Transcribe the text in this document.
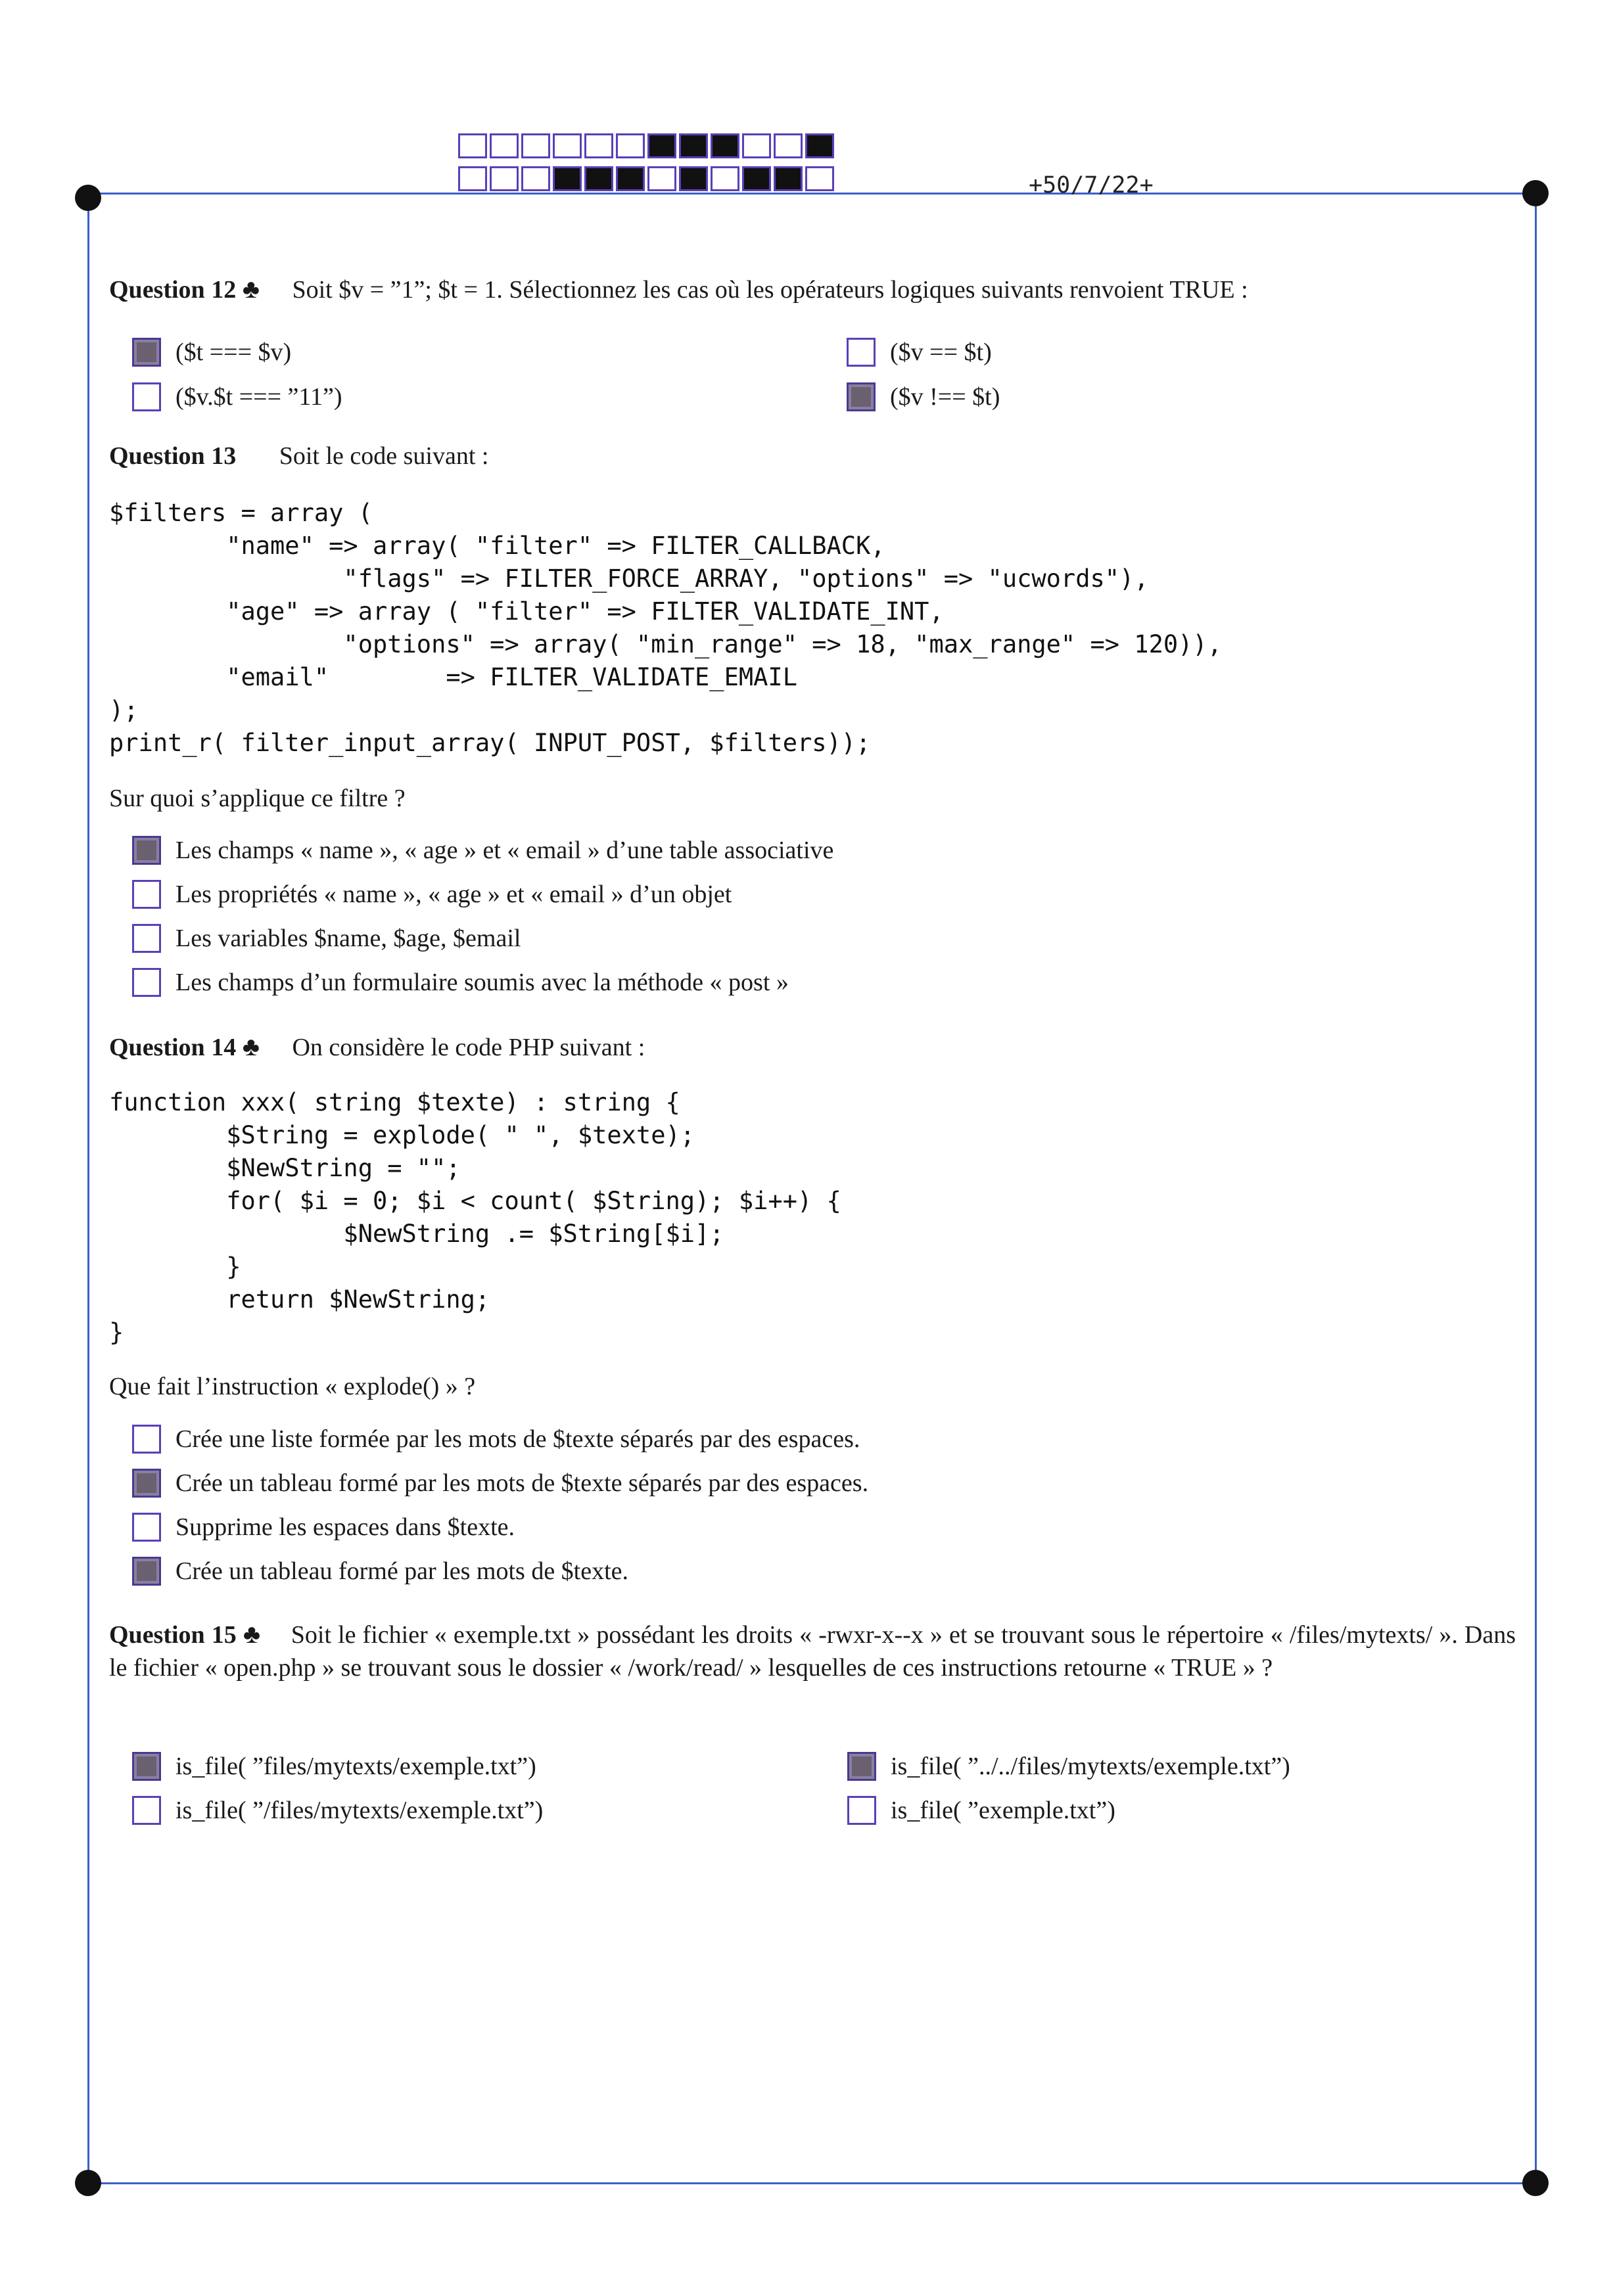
+50/7/22+
Question 12 ♣ Soit $v = ”1”; $t = 1. Sélectionnez les cas où les opérateurs logiques suivants renvoient TRUE :
($t === $v)	($v == $t)
($v.$t === ”11”)	($v !== $t)
Question 13 Soit le code suivant :
$filters = array (
"name" => array( "filter" => FILTER_CALLBACK,
"flags" => FILTER_FORCE_ARRAY, "options" => "ucwords"),
"age" => array ( "filter" => FILTER_VALIDATE_INT,
"options" => array( "min_range" => 18, "max_range" => 120)),
"email"        => FILTER_VALIDATE_EMAIL
);
print_r( filter_input_array( INPUT_POST, $filters));
Sur quoi s’applique ce filtre ?
Les champs « name », « age » et « email » d’une table associative
Les propriétés « name », « age » et « email » d’un objet
Les variables $name, $age, $email
Les champs d’un formulaire soumis avec la méthode « post »
Question 14 ♣ On considère le code PHP suivant :
function xxx( string $texte) : string {
$String = explode( " ", $texte);
$NewString = "";
for( $i = 0; $i < count( $String); $i++) {
$NewString .= $String[$i];
}
return $NewString;
}
Que fait l’instruction « explode() » ?
Crée une liste formée par les mots de $texte séparés par des espaces.
Crée un tableau formé par les mots de $texte séparés par des espaces.
Supprime les espaces dans $texte.
Crée un tableau formé par les mots de $texte.
Question 15 ♣ Soit le fichier « exemple.txt » possédant les droits « -rwxr-x--x » et se trouvant sous le répertoire « /files/mytexts/ ». Dans le fichier « open.php » se trouvant sous le dossier « /work/read/ » lesquelles de ces instructions retourne « TRUE » ?
is_file( ”files/mytexts/exemple.txt”)	is_file( ”../../files/mytexts/exemple.txt”)
is_file( ”/files/mytexts/exemple.txt”)	is_file( ”exemple.txt”)
